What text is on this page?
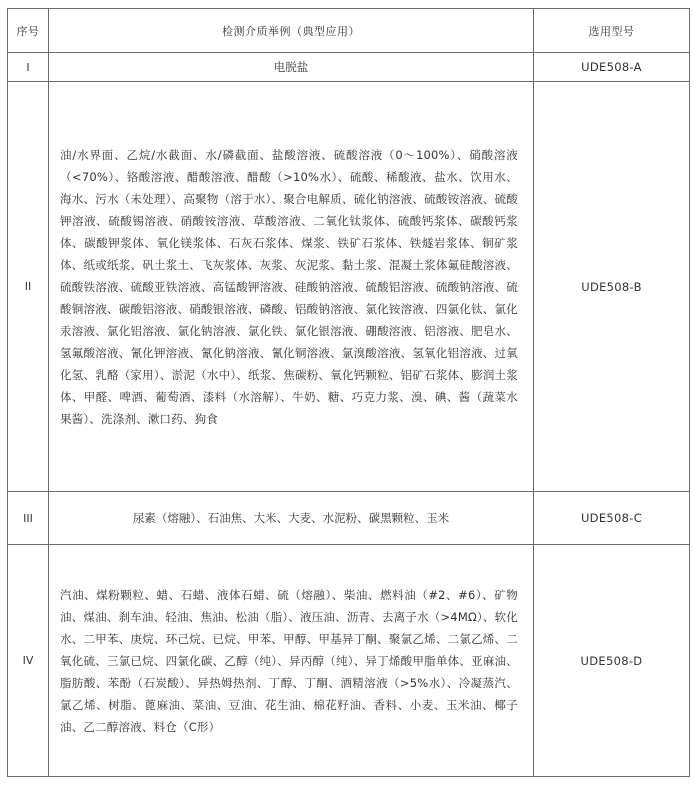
序号	检测介质举例（典型应用）	选用型号
I	电脱盐	UDE508-A
II	油/水界面、乙烷/水截面、水/磷截面、盐酸溶液、硫酸溶液（0～100%）、硝酸溶液（<70%）、铬酸溶液、醋酸溶液、醋酸（>10%水）、硫酸、稀酸液、盐水、饮用水、海水、污水（未处理）、高聚物（溶于水）、聚合电解质、硫化钠溶液、硫酸铵溶液、硫酸钾溶液、硫酸锡溶液、硝酸铵溶液、草酸溶液、二氧化钛浆体、硫酸钙浆体、碳酸钙浆体、碳酸钾浆体、氧化镁浆体、石灰石浆体、煤浆、铁矿石浆体、铁燧岩浆体、铜矿浆体、纸或纸浆、矾土浆土、飞灰浆体、灰浆、灰泥浆、黏土浆、混凝土浆体氟硅酸溶液、硫酸铁溶液、硫酸亚铁溶液、高锰酸钾溶液、硅酸钠溶液、硫酸铝溶液、硫酸钠溶液、硫酸铜溶液、碳酸铝溶液、硝酸银溶液、磷酸、铝酸钠溶液、氯化铵溶液、四氯化钛、氯化汞溶液、氯化铝溶液、氯化钠溶液、氯化铁、氯化银溶液、硼酸溶液、铝溶液、肥皂水、氢氟酸溶液、氰化钾溶液、氰化钠溶液、氰化铜溶液、氯溴酸溶液、氢氧化铝溶液、过氧化氢、乳酪（家用）、淤泥（水中）、纸浆、焦碳粉、氧化钙颗粒、铝矿石浆体、膨润土浆体、甲醛、啤酒、葡萄酒、漆料（水溶解）、牛奶、糖、巧克力浆、溴、碘、酱（蔬菜水果酱）、洗涤剂、漱口药、狗食	UDE508-B
III	尿素（熔融）、石油焦、大米、大麦、水泥粉、碳黑颗粒、玉米	UDE508-C
IV	汽油、煤粉颗粒、蜡、石蜡、液体石蜡、硫（熔融）、柴油、燃料油（#2、#6）、矿物油、煤油、刹车油、轻油、焦油、松油（脂）、液压油、沥青、去离子水（>4MΩ）、软化水、二甲苯、庚烷、环己烷、已烷、甲苯、甲醇、甲基异丁酮、聚氯乙烯、二氯乙烯、二氧化硫、三氯已烷、四氯化碳、乙醇（纯）、异丙醇（纯）、异丁烯酸甲脂单体、亚麻油、脂肪酸、苯酚（石炭酸）、异热姆热剂、丁醇、丁酮、酒精溶液（>5%水）、冷凝蒸汽、氯乙烯、树脂、蓖麻油、菜油、豆油、花生油、棉花籽油、香料、小麦、玉米油、椰子油、乙二醇溶液、料仓（C形）	UDE508-D
